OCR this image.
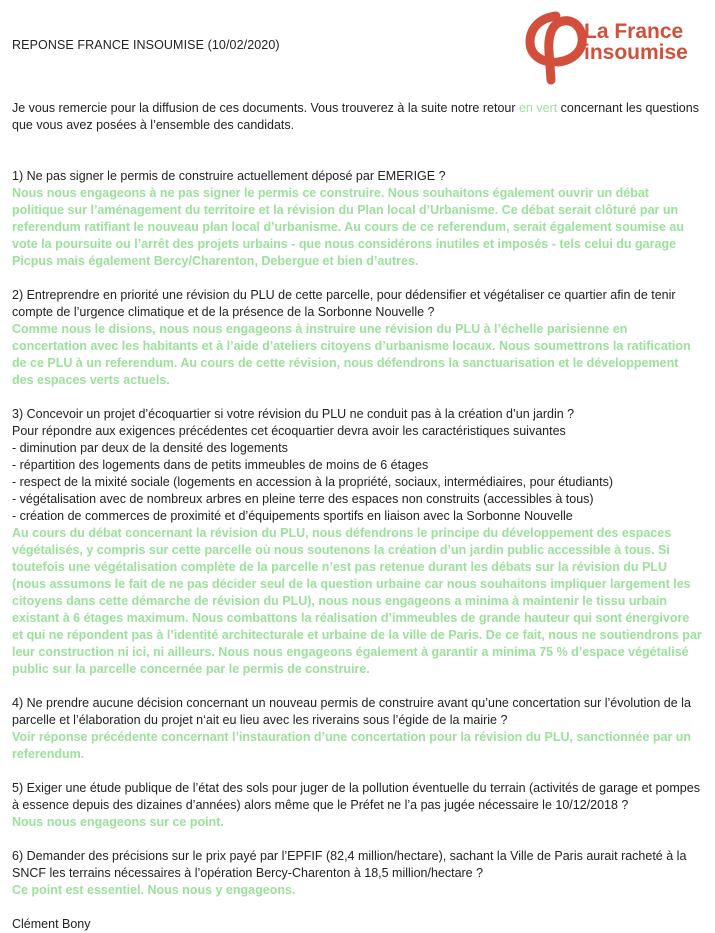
REPONSE FRANCE INSOUMISE (10/02/2020)
La France
insoumise

Je vous remercie pour la diffusion de ces documents. Vous trouverez à la suite notre retour en vert concernant les questions que vous avez posées à l’ensemble des candidats.

1) Ne pas signer le permis de construire actuellement déposé par EMERIGE ?

Nous nous engageons à ne pas signer le permis ce construire. Nous souhaitons également ouvrir un débat politique sur l’aménagement du territoire et la révision du Plan local d’Urbanisme. Ce débat serait clôturé par un referendum ratifiant le nouveau plan local d’urbanisme. Au cours de ce referendum, serait également soumise au vote la poursuite ou l’arrêt des projets urbains - que nous considérons inutiles et imposés - tels celui du garage Picpus mais également Bercy/Charenton, Debergue et bien d’autres.

2) Entreprendre en priorité une révision du PLU de cette parcelle, pour dédensifier et végétaliser ce quartier afin de tenir compte de l’urgence climatique et de la présence de la Sorbonne Nouvelle ?

Comme nous le disions, nous nous engageons à instruire une révision du PLU à l’échelle parisienne en concertation avec les habitants et à l’aide d’ateliers citoyens d’urbanisme locaux. Nous soumettrons la ratification de ce PLU à un referendum. Au cours de cette révision, nous défendrons la sanctuarisation et le développement des espaces verts actuels.

3) Concevoir un projet d’écoquartier si votre révision du PLU ne conduit pas à la création d’un jardin ?

Pour répondre aux exigences précédentes cet écoquartier devra avoir les caractéristiques suivantes

- diminution par deux de la densité des logements

- répartition des logements dans de petits immeubles de moins de 6 étages

- respect de la mixité sociale (logements en accession à la propriété, sociaux, intermédiaires, pour étudiants)

- végétalisation avec de nombreux arbres en pleine terre des espaces non construits (accessibles à tous)

- création de commerces de proximité et d’équipements sportifs en liaison avec la Sorbonne Nouvelle

Au cours du débat concernant la révision du PLU, nous défendrons le principe du développement des espaces végétalisés, y compris sur cette parcelle où nous soutenons la création d’un jardin public accessible à tous. Si toutefois une végétalisation complète de la parcelle n’est pas retenue durant les débats sur la révision du PLU (nous assumons le fait de ne pas décider seul de la question urbaine car nous souhaitons impliquer largement les citoyens dans cette démarche de révision du PLU), nous nous engageons a minima à maintenir le tissu urbain existant à 6 étages maximum. Nous combattons la réalisation d’immeubles de grande hauteur qui sont énergivore et qui ne répondent pas à l’identité architecturale et urbaine de la ville de Paris. De ce fait, nous ne soutiendrons par leur construction ni ici, ni ailleurs. Nous nous engageons également à garantir a minima 75 % d’espace végétalisé public sur la parcelle concernée par le permis de construire.

4) Ne prendre aucune décision concernant un nouveau permis de construire avant qu’une concertation sur l’évolution de la parcelle et l’élaboration du projet n‘ait eu lieu avec les riverains sous l’égide de la mairie ?

Voir réponse précédente concernant l’instauration d’une concertation pour la révision du PLU, sanctionnée par un referendum.

5) Exiger une étude publique de l’état des sols pour juger de la pollution éventuelle du terrain (activités de garage et pompes à essence depuis des dizaines d’années) alors même que le Préfet ne l’a pas jugée nécessaire le 10/12/2018 ?

Nous nous engageons sur ce point.

6) Demander des précisions sur le prix payé par l’EPFIF (82,4 million/hectare), sachant la Ville de Paris aurait racheté à la SNCF les terrains nécessaires à l’opération Bercy-Charenton à 18,5 million/hectare ?

Ce point est essentiel. Nous nous y engageons.

Clément Bony
